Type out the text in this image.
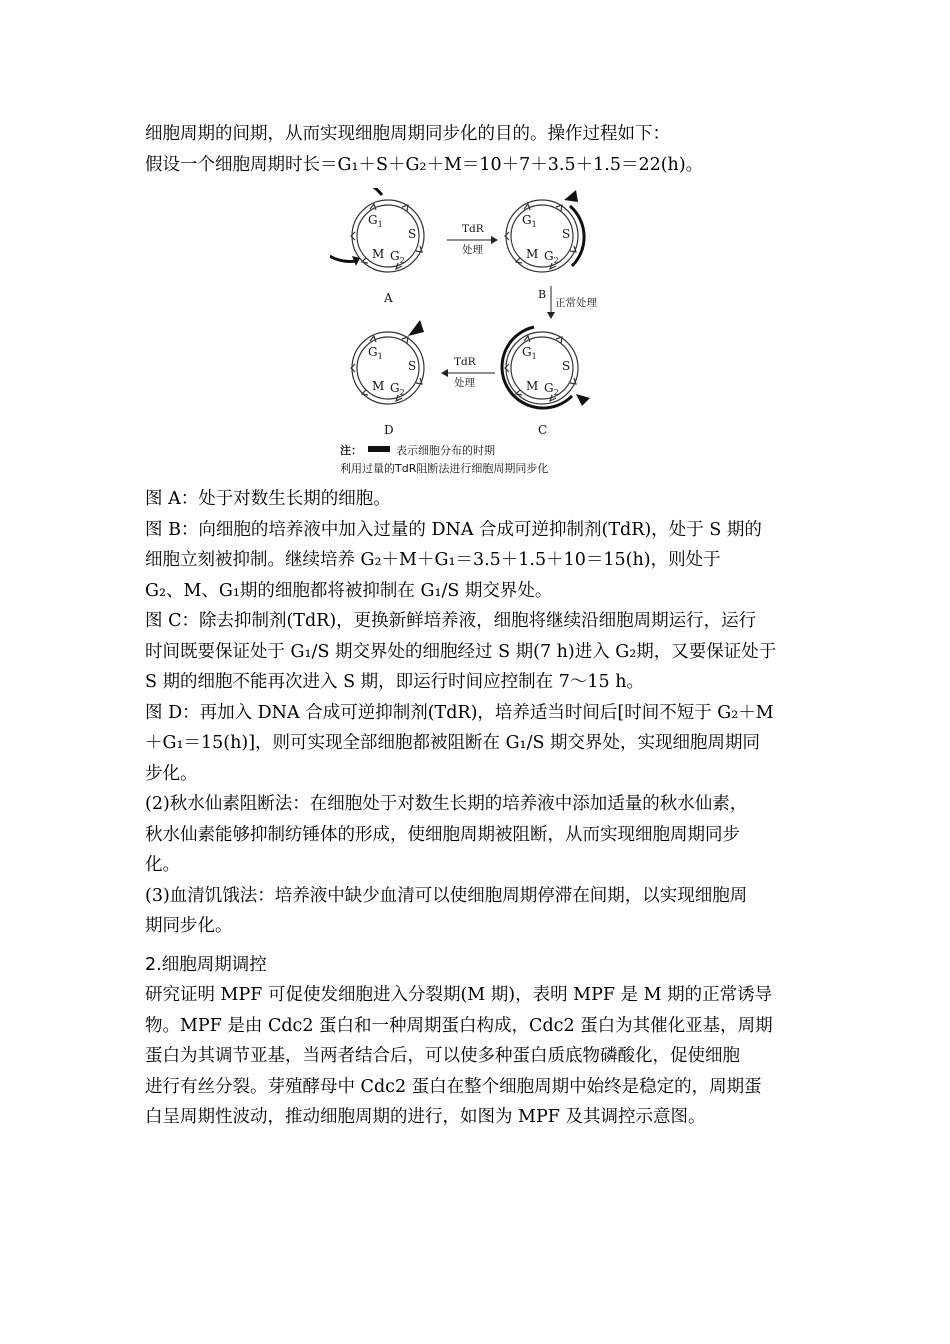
细胞周期的间期，从而实现细胞周期同步化的目的。操作过程如下：
假设一个细胞周期时长＝G₁＋S＋G₂＋M＝10＋7＋3.5＋1.5＝22(h)。
$G_1$
S
M $G_2$
A
TdR
处理
$G_1$
S
M $G_2$
B
正常处理
$G_1$
S
M $G_2$
C
TdR
处理
$G_1$
S
M $G_2$
D
注：	表示细胞分布的时期
利用过量的TdR阻断法进行细胞周期同步化
图 A：处于对数生长期的细胞。
图 B：向细胞的培养液中加入过量的 DNA 合成可逆抑制剂(TdR)，处于 S 期的
细胞立刻被抑制。继续培养 G₂＋M＋G₁＝3.5＋1.5＋10＝15(h)，则处于
G₂、M、G₁期的细胞都将被抑制在 G₁/S 期交界处。
图 C：除去抑制剂(TdR)，更换新鲜培养液，细胞将继续沿细胞周期运行，运行
时间既要保证处于 G₁/S 期交界处的细胞经过 S 期(7 h)进入 G₂期，又要保证处于
S 期的细胞不能再次进入 S 期，即运行时间应控制在 7～15 h。
图 D：再加入 DNA 合成可逆抑制剂(TdR)，培养适当时间后[时间不短于 G₂＋M
＋G₁＝15(h)]，则可实现全部细胞都被阻断在 G₁/S 期交界处，实现细胞周期同
步化。
(2)秋水仙素阻断法：在细胞处于对数生长期的培养液中添加适量的秋水仙素，
秋水仙素能够抑制纺锤体的形成，使细胞周期被阻断，从而实现细胞周期同步
化。
(3)血清饥饿法：培养液中缺少血清可以使细胞周期停滞在间期，以实现细胞周
期同步化。

2.细胞周期调控

研究证明 MPF 可促使发细胞进入分裂期(M 期)，表明 MPF 是 M 期的正常诱导
物。MPF 是由 Cdc2 蛋白和一种周期蛋白构成，Cdc2 蛋白为其催化亚基，周期
蛋白为其调节亚基，当两者结合后，可以使多种蛋白质底物磷酸化，促使细胞
进行有丝分裂。芽殖酵母中 Cdc2 蛋白在整个细胞周期中始终是稳定的，周期蛋
白呈周期性波动，推动细胞周期的进行，如图为 MPF 及其调控示意图。
